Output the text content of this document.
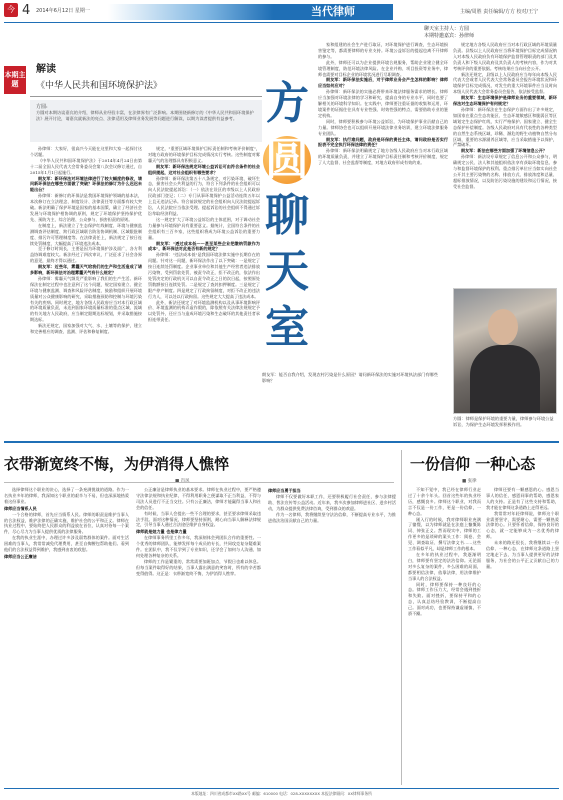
今 4 2014年6月12日 星期一	当代律师	主编/周胜 责任编辑/方方 校对/王宁
本期主题
解读
《中华人民共和国环境保护法》
方圆:
方圆对本期访谈嘉宾的介绍，律师从业经验丰富，在法律界有广泛影响。本期围绕新修订的《中华人民共和国环境保护法》展开讨论，请嘉宾就新法的亮点、法律适用及律师业务发展等问题进行解读，以期为读者提供有益参考。
聊天室主持人：方圆
本期特邀嘉宾：孙律师
方
圆
聊
天
室

孙律师：大家好，很高兴今天能在这里和大家一起探讨这个话题。

《中华人民共和国环境保护法》于2014年4月24日由第十二届全国人民代表大会常务委员会第八次会议修订通过，自2015年1月1日起施行。

朗友军：新环保法对环境法律进行了较大幅度的修改，请问新环保法在哪些方面做了突破？环保法的修订为什么迟迟未能出台？

孙律师：新修订的环保法是我国环境保护领域的基本法，本次修订在立法理念、制度设计、法律责任等方面都有较大突破。新法明确了保护环境是国家的基本国策，确立了经济社会发展与环境保护相协调的原则，规定了环境保护坚持保护优先、预防为主、综合治理、公众参与、损害担责的原则。

在制度上，新法建立了生态保护红线制度、环境与健康监测调查评估制度、跨行政区域联合防治协调机制、区域限批制度、排污许可管理制度等。在法律责任上，新法规定了按日连续处罚制度，大幅提高了环境违法成本。

至于修订时间长，主要是因为环境保护涉及面广，各方利益协调难度较大。新法经过了四次审议，广泛征求了社会各界的意见，最终才得以通过。

朗友军：近些年，雾霾天气给我们的生产和生活造成了诸多影响，新环保法对治理雾霾天气有什么规定？

孙律师：雾霾天气频发严重影响了我们的生产生活。新环保法在制定过程中也注意到了这个问题，规定国家建立、健全环境与健康监测、调查和风险评估制度，鼓励和组织开展环境质量对公众健康影响的研究，采取措施预防和控制与环境污染有关的疾病。同时规定，地方各级人民政府应当对本行政区域的环境质量负责，未达到国家环境质量标准的重点区域、流域的有关地方人民政府，应当制定限期达标规划，并采取措施按期达标。

新法还规定，国家加强对大气、水、土壤等的保护，建立和完善相应的调查、监测、评估和修复制度。

规定，"重要区域环境保护目标责任制和考核评价制度"，对地方政府的环境保护目标完成情况实行考核。这些制度对雾霾天气的治理都具有积极意义。

朗友军：新环保法规定环境公益诉讼可由符合条件的社会组织提起，这对社会组织有哪些要求？

孙律师：新环保法第五十八条规定，对污染环境、破坏生态，损害社会公共利益的行为，符合下列条件的社会组织可以向人民法院提起诉讼：（一）依法在设区的市级以上人民政府民政部门登记；（二）专门从事环境保护公益活动连续五年以上且无违法记录。符合前款规定的社会组织向人民法院提起诉讼，人民法院应当依法受理。提起诉讼的社会组织不得通过诉讼牟取经济利益。

这一规定扩大了环境公益诉讼的主体范围，对于调动社会力量参与环境保护具有重要意义。据统计，全国符合条件的社会组织有三百多家，这些组织将成为环境公益诉讼的重要力量。

朗友军："透过成本低——甚至某些企业把缴纳罚款作为成本"，新环保法对此是否有新的规定？

孙律师："违法成本低"是我国环境法律实施中长期存在的问题。针对这一问题，新环保法作出了以下突破：一是规定了按日连续处罚制度。企业事业单位和其他生产经营者违法排放污染物，受到罚款处罚，被责令改正，拒不改正的，依法作出处罚决定的行政机关可以自责令改正之日的次日起，按照原处罚数额按日连续处罚。二是规定了查封扣押制度。三是规定了限产停产制度。四是规定了行政拘留制度，对拒不改正的违法行为人，可以处以行政拘留。这些规定大大提高了违法成本。

此外，新法还规定了对环境监测机构以及从事环境影响评价、环境监测的机构弄虚作假的，除依照有关法律法规规定予以处罚外，还应当与造成环境污染和生态破坏的其他责任者承担连带责任。

家和组建的社会生产进行取证，对环境保护进行调查，生态环境损害鉴定等，都需要律师的专业支持。环境公益诉讼的提起也离不开律师的参与。

此外，律师还可以为企业提供环境合规服务，帮助企业建立健全环境管理制度，防范环境法律风险。在企业并购、项目投资等业务中，律师也需要对目标企业的环境状况进行尽职调查。

朗友军：新环保法实施后，对于律师业务会产生怎样的影响？律师应当如何应对？

孙律师：新环保法的实施必将带来环境法律服务需求的增长。律师应当加强对环境法律的学习和研究，提高自身的专业水平，同时也要了解相关的环境科学知识。在实践中，律师要注重证据的收集和运用，环境案件的证据往往具有专业性强、时效性强的特点，需要借助专业的鉴定机构。

同时，律师要积极参与环境公益诉讼，为环境保护事业贡献自己的力量。律师协会也可以组织开展环境法律业务培训，建立环境法律服务专业团队。

朗友军：执行难问题，政府是环保的责任主体，请问政府是否实行报表不完全执行环保法律的责任？

孙律师：新环保法明确规定了地方各级人民政府应当对本行政区域的环境质量负责，并建立了环境保护目标责任制和考核评价制度，规定了人大监督、社会监督等制度，对地方政府形成有效约束。

规定地方各级人民政府应当对本行政区域的环境质量负责。县级以上人民政府应当将环境保护目标完成情况纳入对本级人民政府负有环境保护监督管理职责的部门及其负责人和下级人民政府及其负责人的考核内容，作为对其考核评价的重要依据。考核结果应当向社会公开。

新法还规定，县级以上人民政府应当每年向本级人民代表大会或者人民代表大会常务委员会报告环境状况和环境保护目标完成情况，对发生的重大环境事件应当及时向本级人民代表大会常务委员会报告，依法接受监督。

朗友军：生态环境保护是律师业务的重要领域，新环保法对生态环境保护有何规定？

孙律师：新环保法在生态保护方面作出了许多规定，如国家在重点生态功能区、生态环境敏感区和脆弱区等区域划定生态保护红线，实行严格保护。国家建立、健全生态保护补偿制度。各级人民政府对具有代表性的各种类型的自然生态系统区域，珍稀、濒危的野生动植物自然分布区域，重要的水源涵养区域等，应当采取措施予以保护，严禁破坏。

朗友军：新法在哪些方面加强了环境信息公开？

孙律师：新法设专章规定了信息公开和公众参与，明确规定公民、法人和其他组织依法享有获取环境信息、参与和监督环境保护的权利。重点排污单位应当如实向社会公开其主要污染物的名称、排放方式、排放浓度和总量、超标排放情况，以及防治污染设施的建设和运行情况，接受社会监督。

朗友军：能否自我介绍，发现农村污染是什么原因？请问新环保法的实施对环境执法部门有哪些影响？
方圆：律师是保护环境的重要力量，律师参与环境公益诉讼，为保护生态环境发挥积极作用。
衣带渐宽终不悔，为伊消得人憔悴

选择律师这个职业的决心，选择了一条充满挑战的道路。作为一名执业多年的律师，我深知这个职业的艰辛与不易，但也深深地热爱着这份事业。

律师应当情系人民

一个合格的律师，首先应当情系人民。律师的职责是维护当事人的合法权益，维护法律的正确实施，维护社会的公平和正义。律师在执业过程中，要始终把人民群众的利益放在首位，认真对待每一个案件，尽心尽力为当事人提供优质的法律服务。

在我的执业生涯中，办理过许多涉及弱势群体的案件。面对生活困难的当事人，我常常减免代理费用，甚至自掏腰包帮助他们。看到他们的合法权益得到维护，我感到由衷的欣慰。

律师应当公正廉洁

公正廉洁是律师执业的基本要求。律师在执业过程中，要严格遵守法律法规和执业纪律，不得利用职务之便谋取不正当利益，不得与司法人员进行不正当交往。只有公正廉洁，律师才能赢得当事人和社会的信任。

有时候，当事人会提出一些不合理的要求，甚至要求律师采取违法手段。面对这种情况，律师要坚持原则，耐心向当事人解释法律规定，引导当事人通过合法途径维护自身权益。

律师就是她力量 也是律力量

在律师事务所里工作多年，我深刻体会到团队合作的重要性。一个优秀的律师团队，能够发挥每个成员的专长，共同攻克复杂疑难案件。在团队中，我不仅学到了专业知识，还学会了如何与人沟通、如何处理各种复杂的关系。

律师的工作是繁重的，常常需要加班加点，节假日也难以休息。但每当案件取得好的结果，当事人露出满意的笑容时，所有的辛苦都变得值得。这正是：衣带渐宽终不悔，为伊消得人憔悴。

律师应当勇于担当

律师不仅要做好本职工作，还要积极履行社会责任，参与法律援助、普法宣传等公益活动。近年来，我多次参加律师进社区、进乡村活动，为群众提供免费法律咨询，受到群众的欢迎。

作为一名律师，我将继续坚守法治信仰，不断提高专业水平，为推进依法治国贡献自己的力量。

一份信仰 一种心态
■ 张律

不知不觉中，我已经在律师行业走过了十余个年头。回首这些年的执业经历，感慨良多。律师这个职业，对我而言不仅是一份工作，更是一份信仰，一种心态。

刚入行的时候，我对律师职业充满了憧憬，以为律师就是在法庭上慷慨陈词、伸张正义。然而现实中，律师的工作更多的是琐碎的案头工作：阅卷、会见、调查取证、撰写法律文书……这些工作看似平凡，却是律师工作的根本。

在多年的执业过程中，我逐渐明白，律师要有坚定的法治信仰。无论面对多么复杂的案件，多么困难的局面，都要相信法律，依靠法律，用法律维护当事人的合法权益。

同时，律师要保持一种良好的心态。律师工作压力大，经常会遇到挫折和失败。面对挫折，要保持平和的心态，认真总结经验教训，不断提高自己。面对成功，也要保持谦虚谨慎，不骄不躁。

律师还要有一颗感恩的心。感恩当事人的信任，感恩同事的帮助，感恩家人的支持。正是有了这些支持和帮助，我才能在律师这条道路上走得更远。

我常常对年轻律师说，律师这个职业需要坚守，需要耐心，需要一颗热爱法律的心。只要怀着信仰，保持良好的心态，就一定能够成为一名优秀的律师。

未来的路还很长，我将继续以一份信仰、一种心态，在律师这条道路上坚定地走下去，为当事人提供更好的法律服务，为社会的公平正义贡献自己的力量。

本版地址：四川省成都市XX路XX号 邮编：610000 电话：028-XXXXXXXX 本报法律顾问：XX律师事务所
